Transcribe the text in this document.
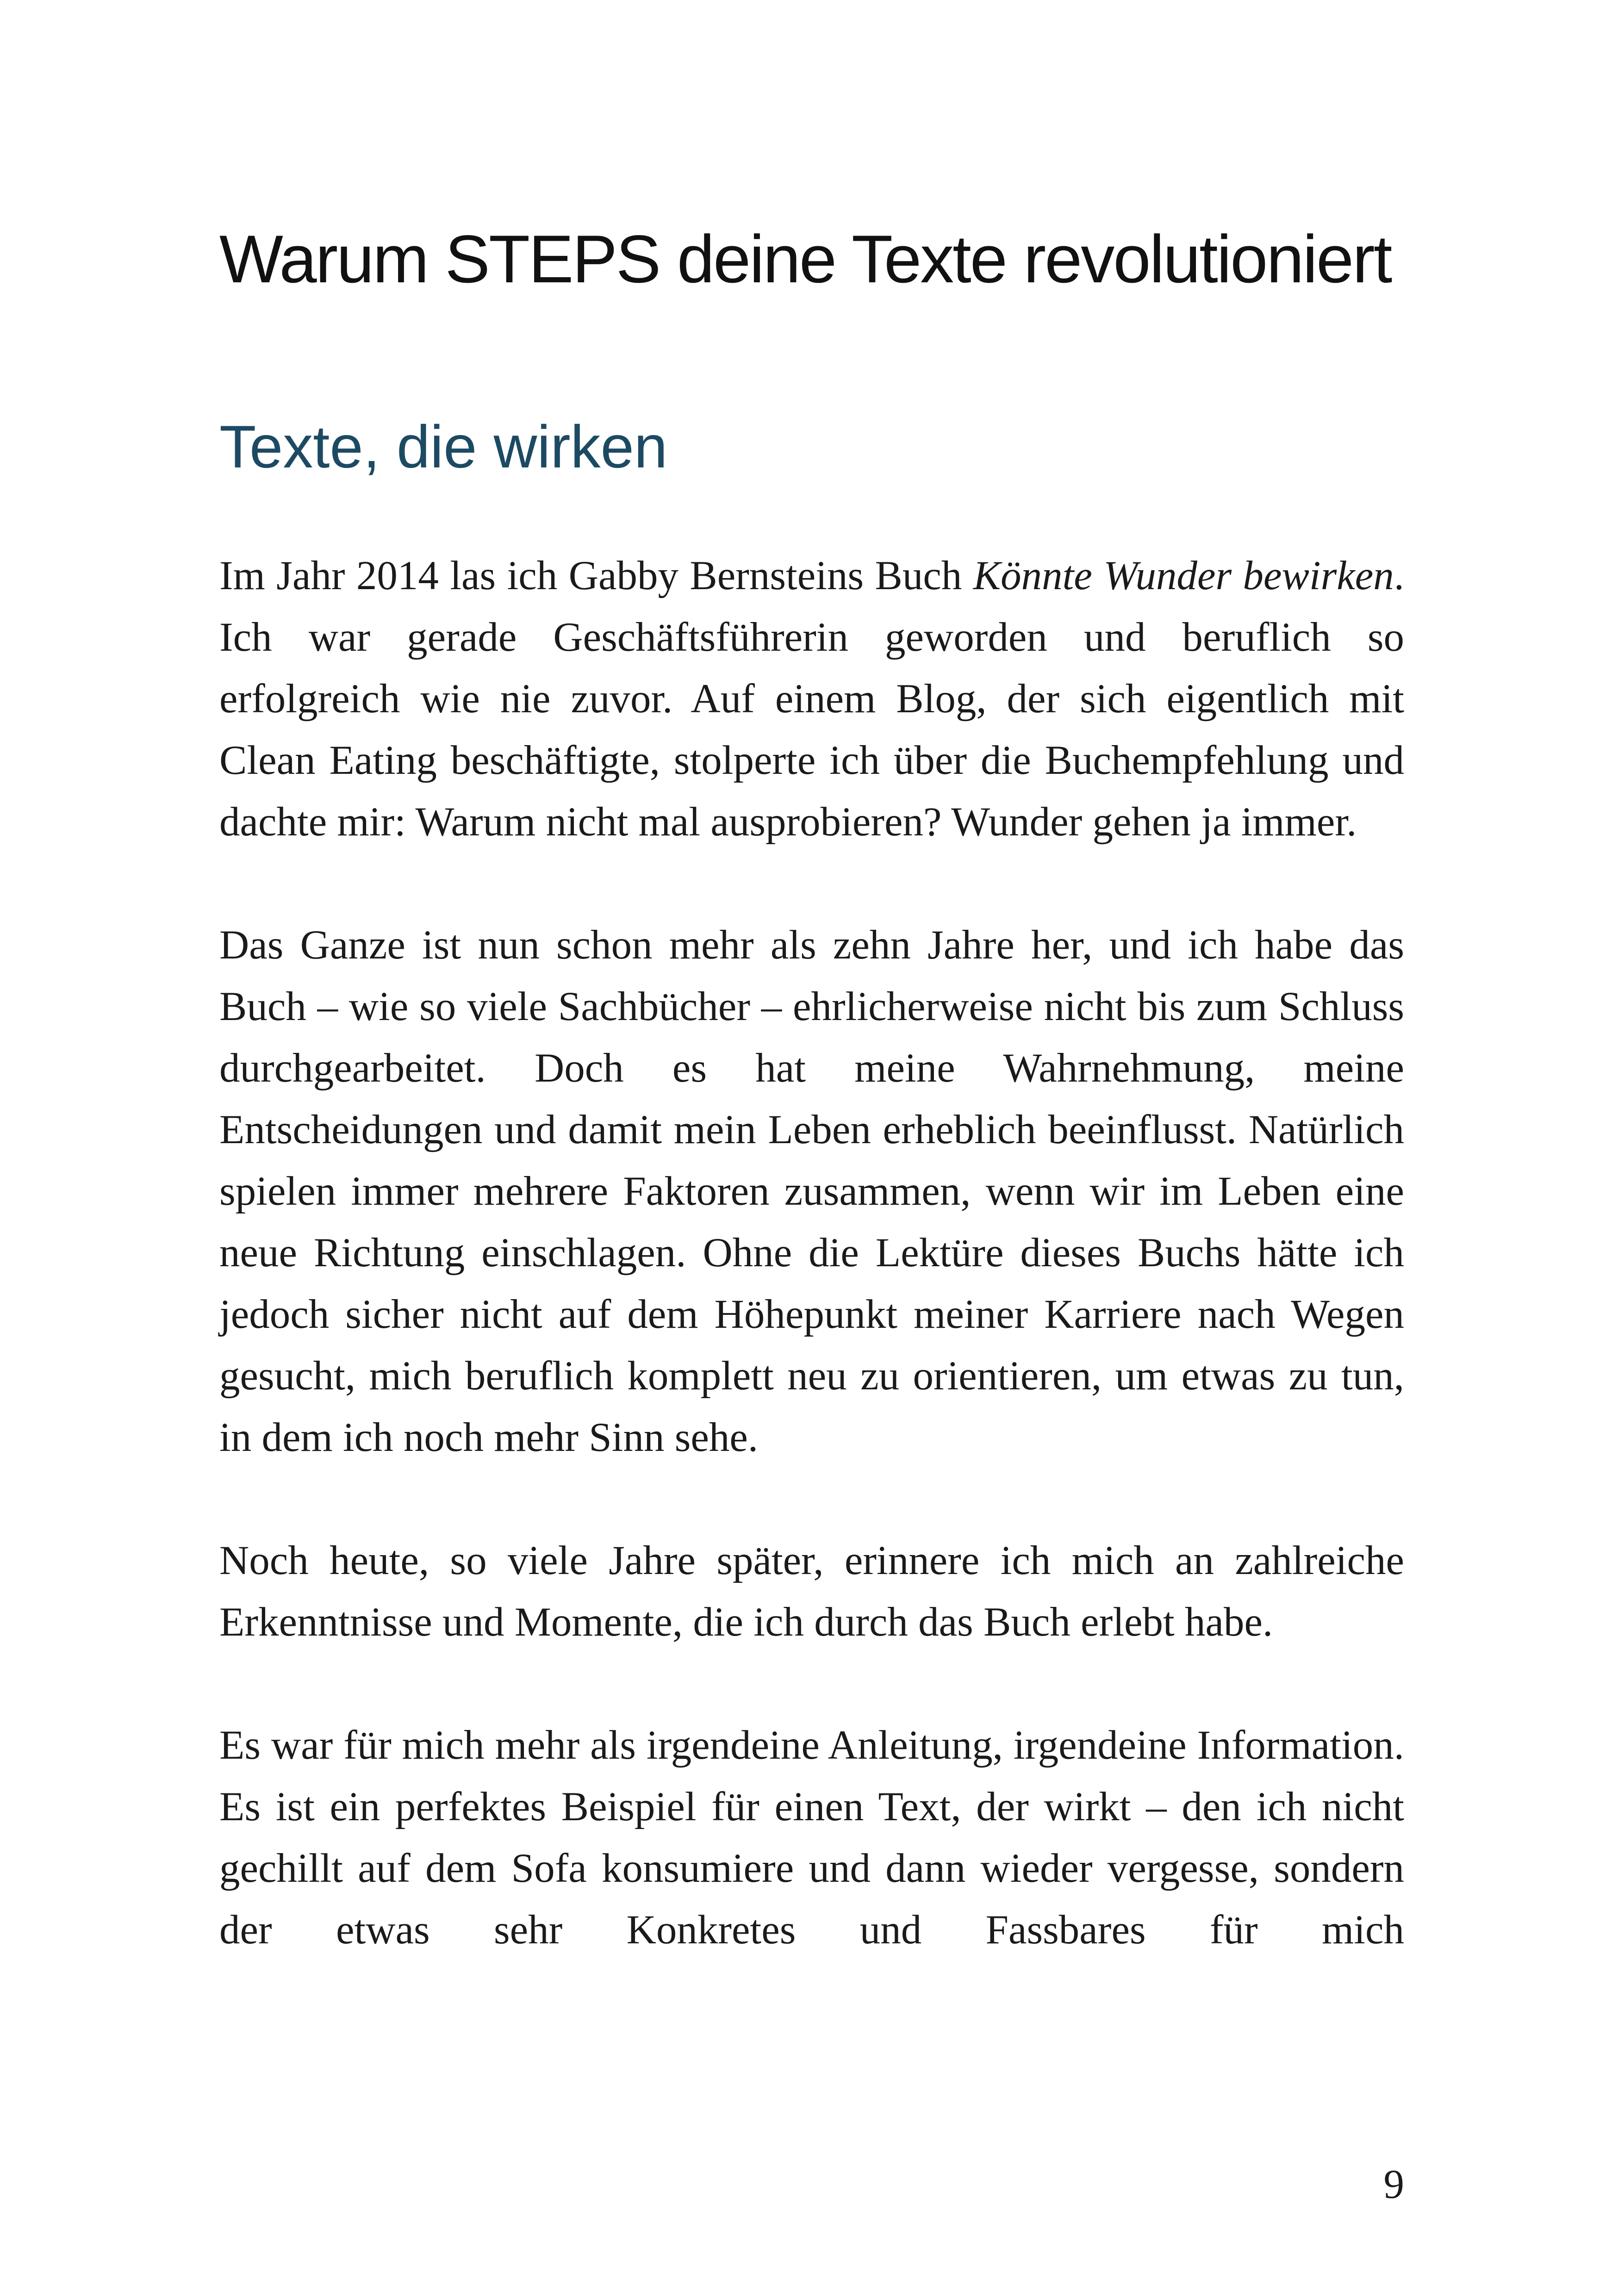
Warum STEPS deine Texte revolutioniert
Texte, die wirken

Im Jahr 2014 las ich Gabby Bernsteins Buch Könnte Wunder bewirken. Ich war gerade Geschäftsführerin geworden und beruflich so erfolgreich wie nie zuvor. Auf einem Blog, der sich eigentlich mit Clean Eating beschäftigte, stolperte ich über die Buchempfehlung und dachte mir: Warum nicht mal ausprobieren? Wunder gehen ja immer.

Das Ganze ist nun schon mehr als zehn Jahre her, und ich habe das Buch – wie so viele Sachbücher – ehrlicherweise nicht bis zum Schluss durchgearbeitet. Doch es hat meine Wahrnehmung, meine Entscheidungen und damit mein Leben erheblich beeinflusst. Natürlich spielen immer mehrere Faktoren zusammen, wenn wir im Leben eine neue Richtung einschlagen. Ohne die Lektüre dieses Buchs hätte ich jedoch sicher nicht auf dem Höhepunkt meiner Karriere nach Wegen gesucht, mich beruflich komplett neu zu orientieren, um etwas zu tun, in dem ich noch mehr Sinn sehe.

Noch heute, so viele Jahre später, erinnere ich mich an zahlreiche Erkenntnisse und Momente, die ich durch das Buch erlebt habe.

Es war für mich mehr als irgendeine Anleitung, irgendeine Information. Es ist ein perfektes Beispiel für einen Text, der wirkt – den ich nicht gechillt auf dem Sofa konsumiere und dann wieder vergesse, sondern der etwas sehr Konkretes und Fassbares für mich

9
